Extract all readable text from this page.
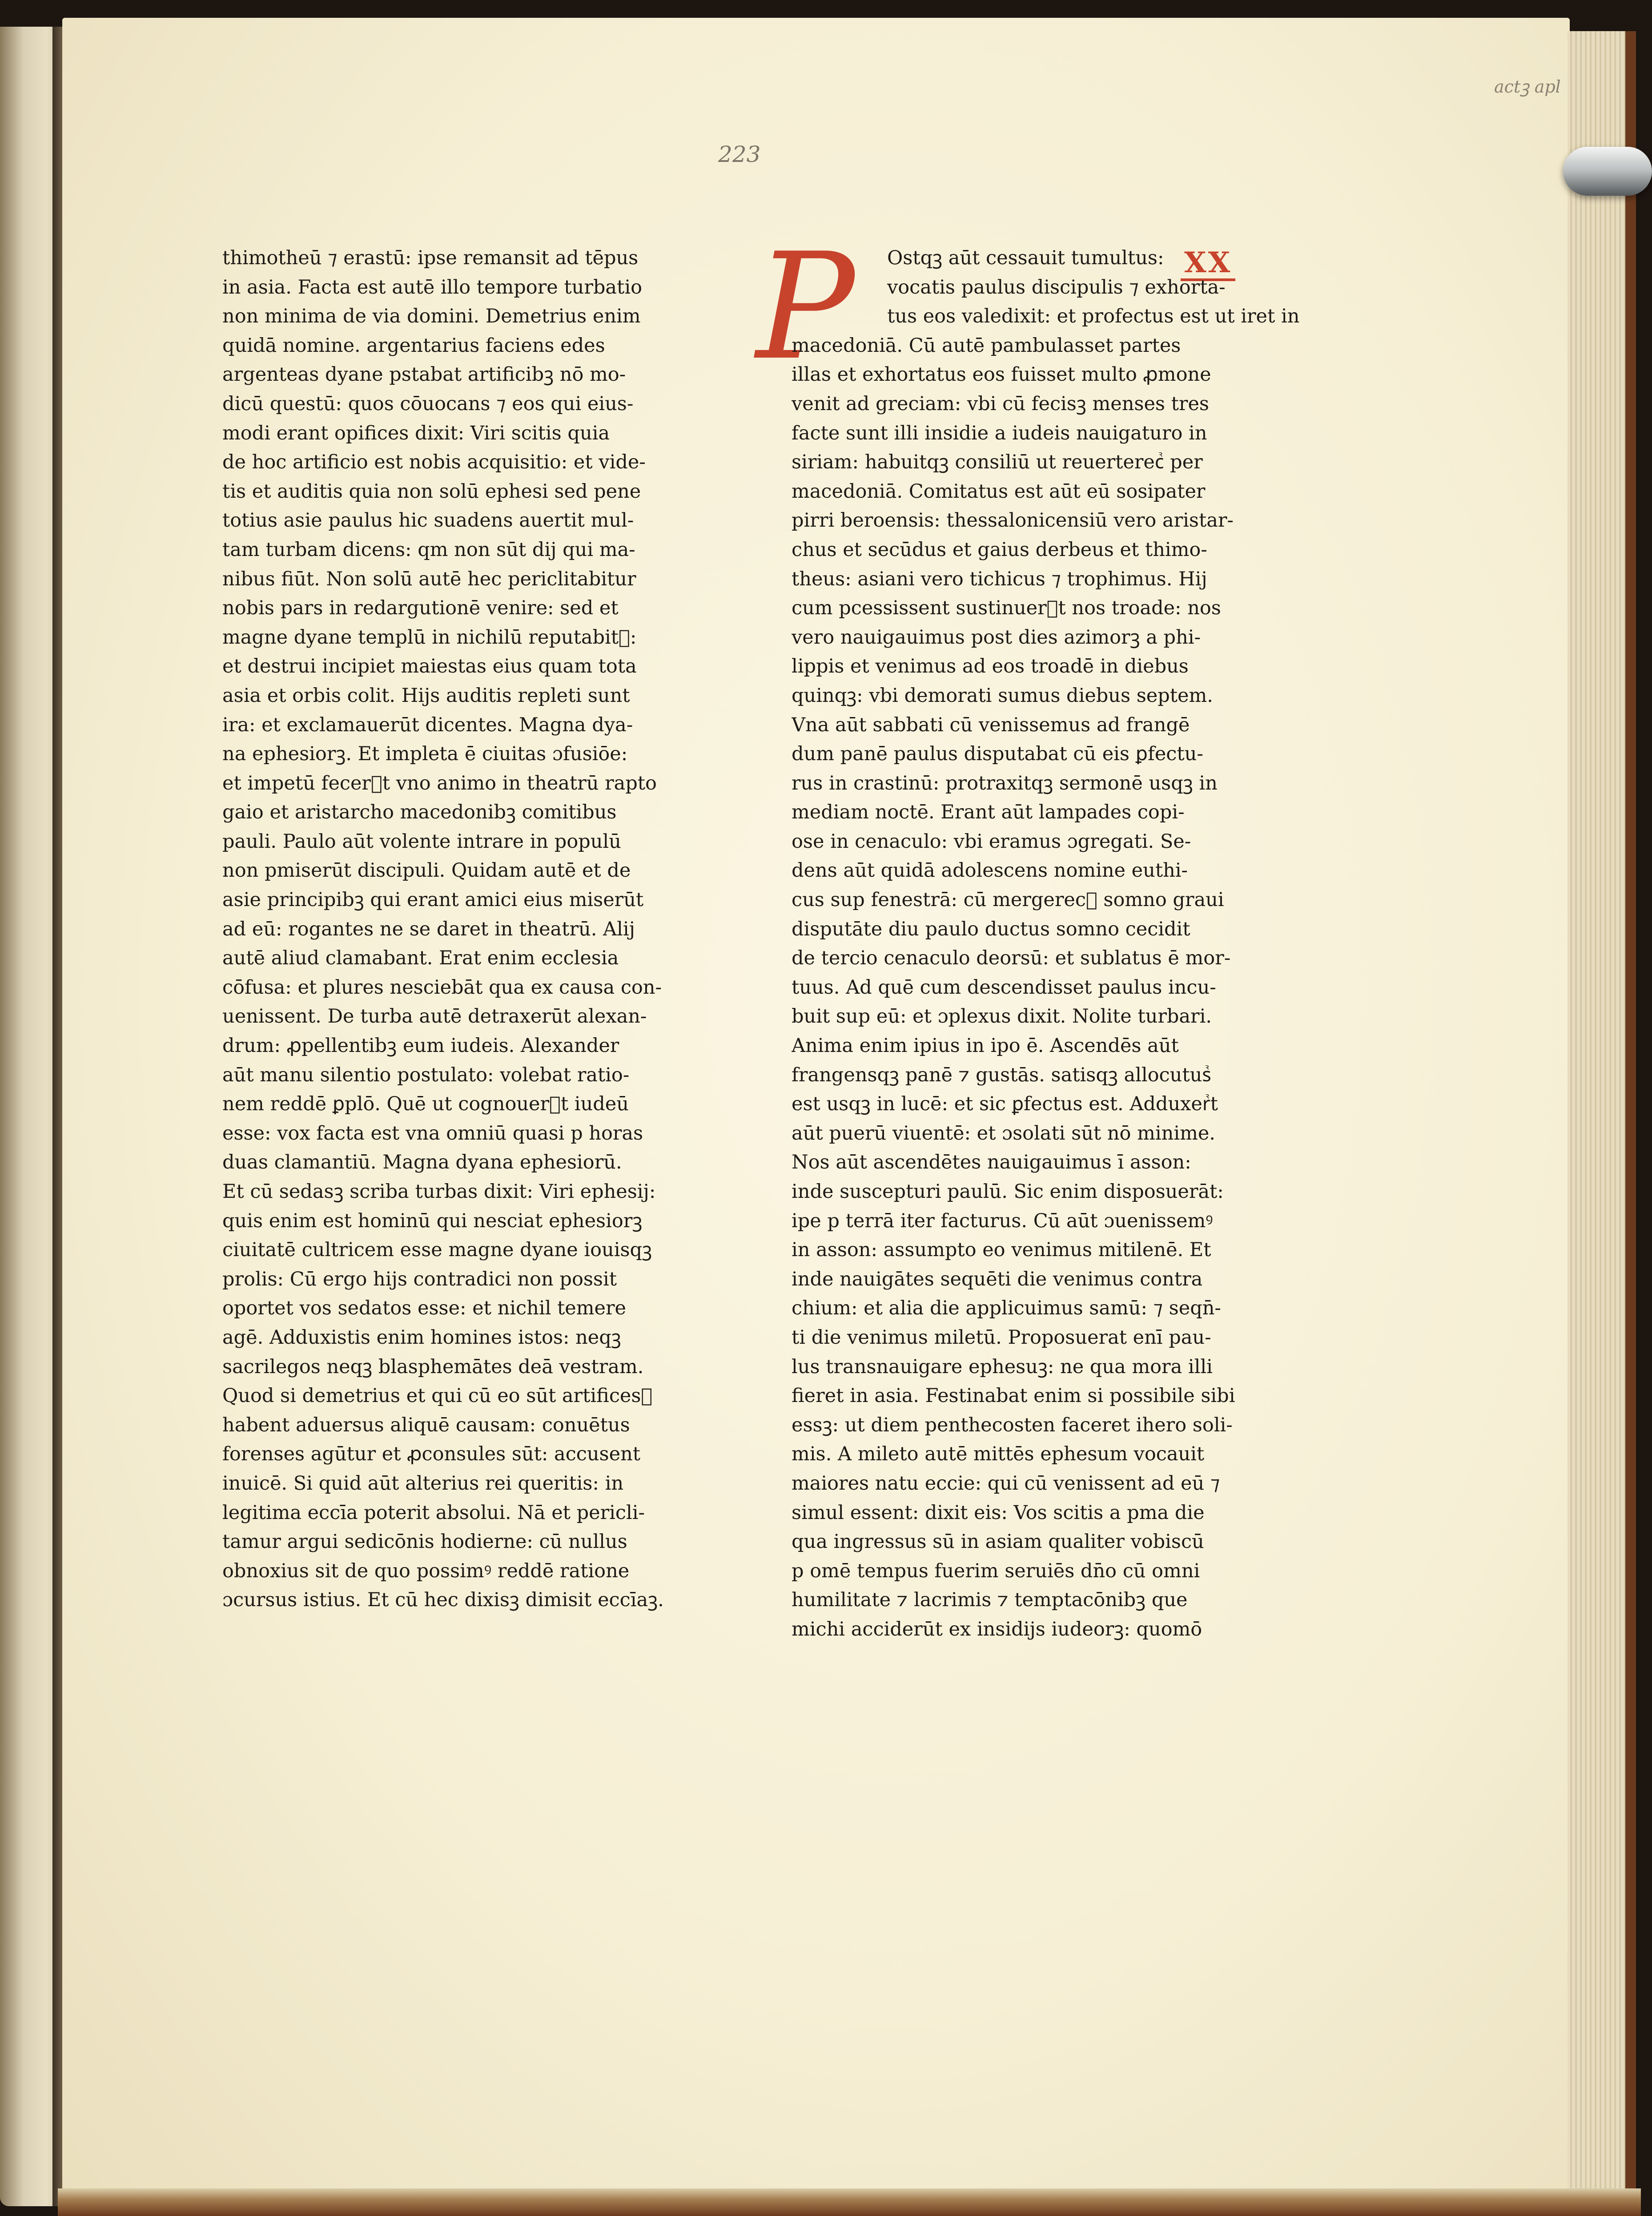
actꝫ apl
223
P	XX
thimotheū ⁊ erastū: ipse remansit ad tēpus
in asia. Facta est autē illo tempore turbatio
non minima de via domini. Demetrius enim
quidā nomine. argentarius faciens edes
argenteas dyane pstabat artificibꝫ nō mo-
dicū questū: quos cōuocans ⁊ eos qui eius-
modi erant opifices dixit: Viri scitis quia
de hoc artificio est nobis acquisitio: et vide-
tis et auditis quia non solū ephesi sed pene
totius asie paulus hic suadens auertit mul-
tam turbam dicens: qm non sūt dij qui ma-
nibus fiūt. Non solū autē hec periclitabitur
nobis pars in redargutionē venire: sed et
magne dyane templū in nichilū reputabitᷣ:
et destrui incipiet maiestas eius quam tota
asia et orbis colit. Hijs auditis repleti sunt
ira: et exclamauerūt dicentes. Magna dya-
na ephesiorꝫ. Et impleta ē ciuitas ɔfusiōe:
et impetū fecerᷣt vno animo in theatrū rapto
gaio et aristarcho macedonibꝫ comitibus
pauli. Paulo aūt volente intrare in populū
non pmiserūt discipuli. Quidam autē et de
asie principibꝫ qui erant amici eius miserūt
ad eū: rogantes ne se daret in theatrū. Alij
autē aliud clamabant. Erat enim ecclesia
cōfusa: et plures nesciebāt qua ex causa con-
uenissent. De turba autē detraxerūt alexan-
drum: ꝓpellentibꝫ eum iudeis. Alexander
aūt manu silentio postulato: volebat ratio-
nem reddē ꝑplō. Quē ut cognouerᷣt iudeū
esse: vox facta est vna omniū quasi p horas
duas clamantiū. Magna dyana ephesiorū.
Et cū sedasꝫ scriba turbas dixit: Viri ephesij:
quis enim est hominū qui nesciat ephesiorꝫ
ciuitatē cultricem esse magne dyane iouisqꝫ
prolis: Cū ergo hijs contradici non possit
oportet vos sedatos esse: et nichil temere
agē. Adduxistis enim homines istos: neqꝫ
sacrilegos neqꝫ blasphemātes deā vestram.
Quod si demetrius et qui cū eo sūt artificesᷣ
habent aduersus aliquē causam: conuētus
forenses agūtur et ꝓconsules sūt: accusent
inuicē. Si quid aūt alterius rei queritis: in
legitima eccīa poterit absolui. Nā et pericli-
tamur argui sedicōnis hodierne: cū nullus
obnoxius sit de quo possimꝰ reddē ratione
ɔcursus istius. Et cū hec dixisꝫ dimisit eccīaꝫ.
Ostqꝫ aūt cessauit tumultus:
vocatis paulus discipulis ⁊ exhorta-
tus eos valedixit: et profectus est ut iret in
macedoniā. Cū autē pambulasset partes
illas et exhortatus eos fuisset multo ꝓmone
venit ad greciam: vbi cū fecisꝫ menses tres
facte sunt illi insidie a iudeis nauigaturo in
siriam: habuitqꝫ consiliū ut reuerterecᷣ per
macedoniā. Comitatus est aūt eū sosipater
pirri beroensis: thessalonicensiū vero aristar-
chus et secūdus et gaius derbeus et thimo-
theus: asiani vero tichicus ⁊ trophimus. Hij
cum pcessissent sustinuerᷣt nos troade: nos
vero nauigauimus post dies azimorꝫ a phi-
lippis et venimus ad eos troadē in diebus
quinqꝫ: vbi demorati sumus diebus septem.
Vna aūt sabbati cū venissemus ad frangē
dum panē paulus disputabat cū eis ꝑfectu-
rus in crastinū: protraxitqꝫ sermonē usqꝫ in
mediam noctē. Erant aūt lampades copi-
ose in cenaculo: vbi eramus ɔgregati. Se-
dens aūt quidā adolescens nomine euthi-
cus sup fenestrā: cū mergerecᷣ somno graui
disputāte diu paulo ductus somno cecidit
de tercio cenaculo deorsū: et sublatus ē mor-
tuus. Ad quē cum descendisset paulus incu-
buit sup eū: et ɔplexus dixit. Nolite turbari.
Anima enim ipius in ipo ē. Ascendēs aūt
frangensqꝫ panē ⁊ gustās. satisqꝫ allocutusᷣ
est usqꝫ in lucē: et sic ꝑfectus est. Adduxerᷣt
aūt puerū viuentē: et ɔsolati sūt nō minime.
Nos aūt ascendētes nauigauimus ī asson:
inde suscepturi paulū. Sic enim disposuerāt:
ipe p terrā iter facturus. Cū aūt ɔuenissemꝰ
in asson: assumpto eo venimus mitilenē. Et
inde nauigātes sequēti die venimus contra
chium: et alia die applicuimus samū: ⁊ seqn̄-
ti die venimus miletū. Proposuerat enī pau-
lus transnauigare ephesuꝫ: ne qua mora illi
fieret in asia. Festinabat enim si possibile sibi
essꝫ: ut diem penthecosten faceret ihero soli-
mis. A mileto autē mittēs ephesum vocauit
maiores natu eccie: qui cū venissent ad eū ⁊
simul essent: dixit eis: Vos scitis a pma die
qua ingressus sū in asiam qualiter vobiscū
p omē tempus fuerim seruiēs dn̄o cū omni
humilitate ⁊ lacrimis ⁊ temptacōnibꝫ que
michi acciderūt ex insidijs iudeorꝫ: quomō
